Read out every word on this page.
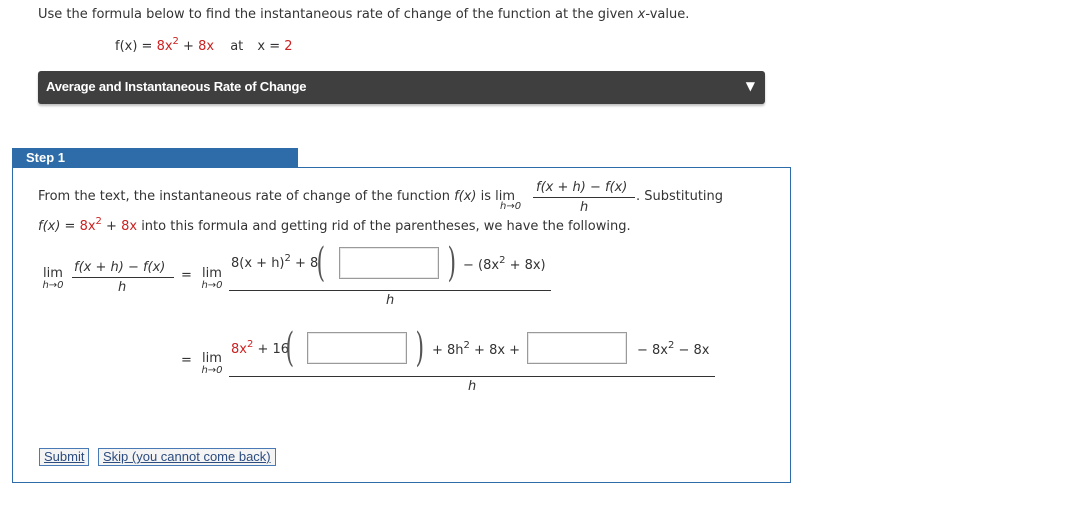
Use the formula below to find the instantaneous rate of change of the function at the given x-value.
$f(x) = 8x^2 + 8x$ at x = 2
Average and Instantaneous Rate of Change	▼
Step 1
From the text, the instantaneous rate of change of the function f(x) is lim
h→0
f(x + h) − f(x)
h
. Substituting
$f(x) = 8x^2 + 8x$ into this formula and getting rid of the parentheses, we have the following.
lim
h→0
f(x + h) − f(x)
h
= lim
h→0
$8(x + h)^2 + 8$
(	) − $(8x^2 + 8x)$
h
= lim
h→0
$8x^2 + 16$
(	) + $8h^2 + 8x$ +	− $8x^2 - 8x$
h
Submit	Skip (you cannot come back)
